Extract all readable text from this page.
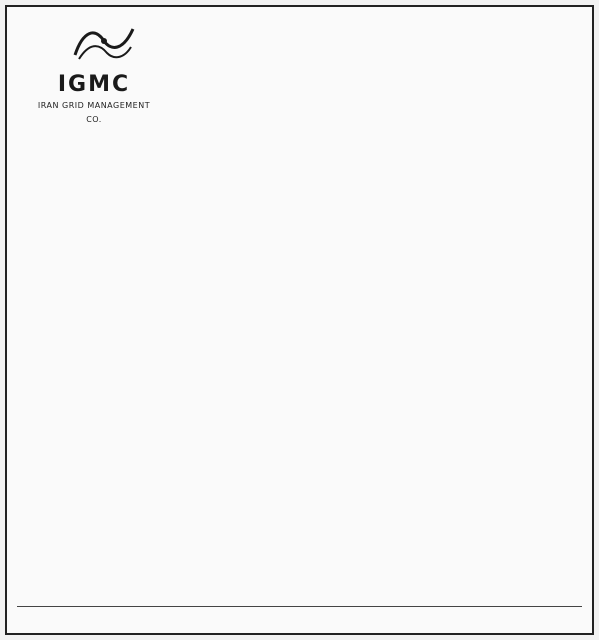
IGMC
IRAN GRID MANAGEMENT CO.
